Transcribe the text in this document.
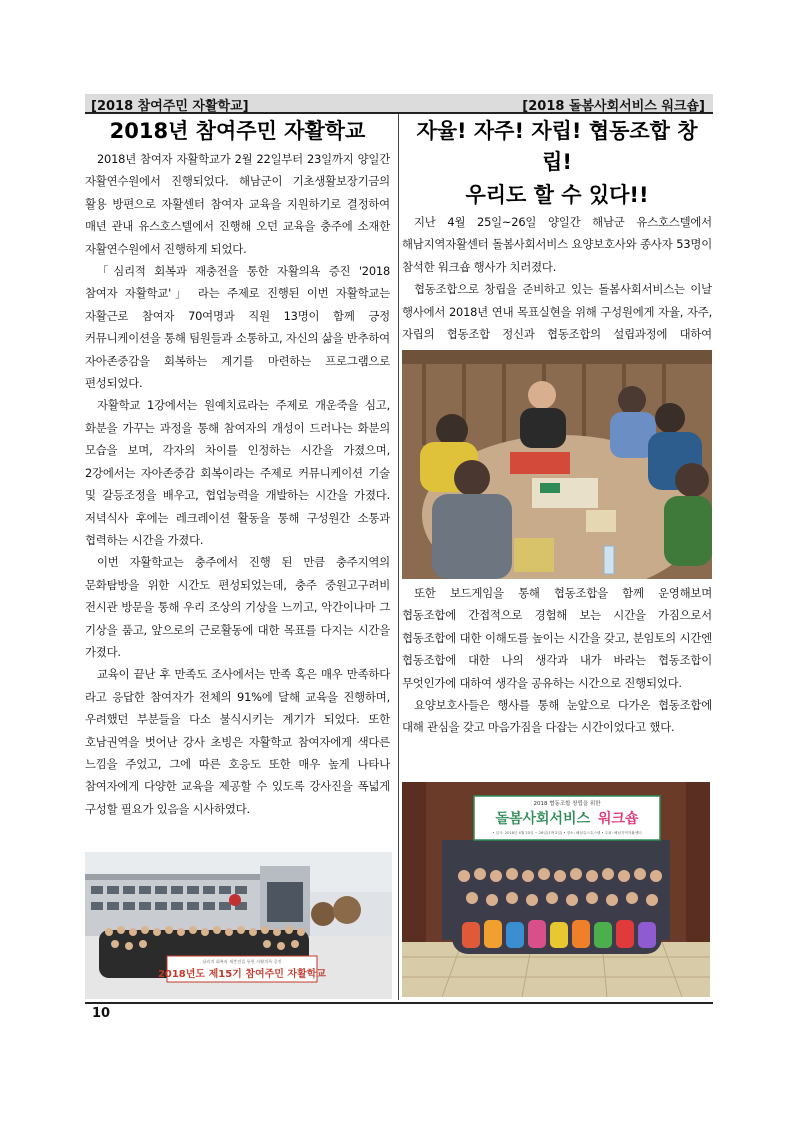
[2018 참여주민 자활학교]	[2018 돌봄사회서비스 워크숍]
2018년 참여주민 자활학교

2018년 참여자 자활학교가 2월 22일부터 23일까지 양일간 자활연수원에서 진행되었다. 해남군이 기초생활보장기금의 활용 방편으로 자활센터 참여자 교육을 지원하기로 결정하여 매년 관내 유스호스텔에서 진행해 오던 교육을 충주에 소재한 자활연수원에서 진행하게 되었다.

「심리적 회복과 재충전을 통한 자활의욕 증진 '2018 참여자 자활학교'」 라는 주제로 진행된 이번 자활학교는 자활근로 참여자 70여명과 직원 13명이 함께 긍정 커뮤니케이션을 통해 팀원들과 소통하고, 자신의 삶을 반추하여 자아존중감을 회복하는 계기를 마련하는 프로그램으로 편성되었다.

자활학교 1강에서는 원예치료라는 주제로 개운죽을 심고, 화분을 가꾸는 과정을 통해 참여자의 개성이 드러나는 화분의 모습을 보며, 각자의 차이를 인정하는 시간을 가졌으며, 2강에서는 자아존중감 회복이라는 주제로 커뮤니케이션 기술 및 갈등조정을 배우고, 협업능력을 개발하는 시간을 가졌다. 저녁식사 후에는 레크레이션 활동을 통해 구성원간 소통과 협력하는 시간을 가졌다.

이번 자활학교는 충주에서 진행 된 만큼 충주지역의 문화탐방을 위한 시간도 편성되었는데, 충주 중원고구려비 전시관 방문을 통해 우리 조상의 기상을 느끼고, 악간이나마 그 기상을 품고, 앞으로의 근로활동에 대한 목표를 다지는 시간을 가졌다.

교육이 끝난 후 만족도 조사에서는 만족 혹은 매우 만족하다 라고 응답한 참여자가 전체의 91%에 달해 교육을 진행하며, 우려했던 부분들을 다소 불식시키는 계기가 되었다. 또한 호남권역을 벗어난 강사 초빙은 자활학교 참여자에게 색다른 느낌을 주었고, 그에 따른 호응도 또한 매우 높게 나타나 참여자에게 다양한 교육을 제공할 수 있도록 강사진을 폭넓게 구성할 필요가 있음을 시사하였다.

심리적 회복과 재충전을 통한 자활의욕 증진
2018년도 제15기 참여주민 자활학교
자율! 자주! 자립! 협동조합 창립!
우리도 할 수 있다!!

지난 4월 25일~26일 양일간 해남군 유스호스텔에서 해남지역자활센터 돌봄사회서비스 요양보호사와 종사자 53명이 참석한 워크숍 행사가 치러졌다.

협동조합으로 창립을 준비하고 있는 돌봄사회서비스는 이날 행사에서 2018년 연내 목표실현을 위해 구성원에게 자율, 자주, 자립의 협동조합 정신과 협동조합의 설립과정에 대하여

또한 보드게임을 통해 협동조합을 함께 운영해보며 협동조합에 간접적으로 경험해 보는 시간을 가짐으로서 협동조합에 대한 이해도를 높이는 시간을 갖고, 분임토의 시간엔 협동조합에 대한 나의 생각과 내가 바라는 협동조합이 무엇인가에 대하여 생각을 공유하는 시간으로 진행되었다.

요양보호사들은 행사를 통해 눈앞으로 다가온 협동조합에 대해 관심을 갖고 마음가짐을 다잡는 시간이었다고 했다.

2018 협동조합 창립을 위한
돌봄사회서비스 워크숍
• 일시: 2018년 4월 25일 ~ 26일(1박 2일) • 장소: 해남유스호스텔 • 주최: 해남지역자활센터
10
